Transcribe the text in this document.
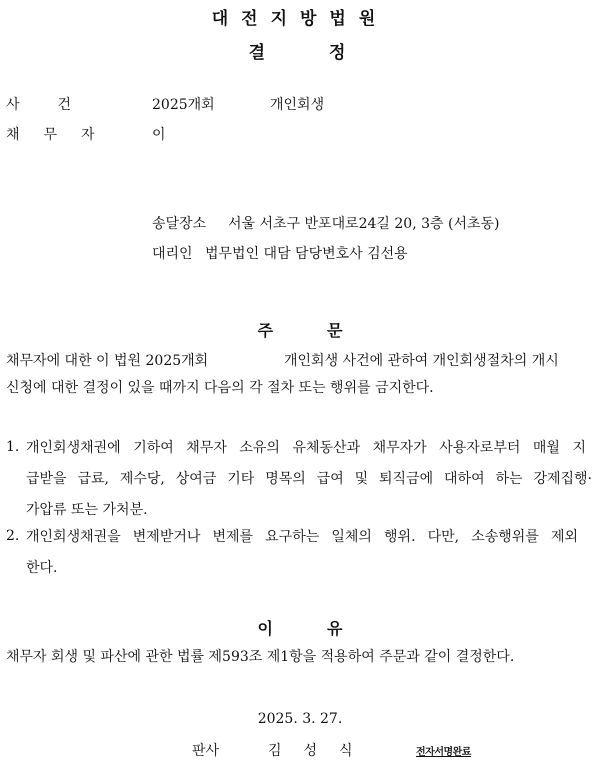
대전지방법원
결정
사건	2025개회	개인회생
채무자 이
송달장소 서울 서초구 반포대로24길 20, 3층 (서초동)
대리인 법무법인 대담 담당변호사 김선용
주문
채무자에 대한 이 법원 2025개회	개인회생 사건에 관하여 개인회생절차의 개시
신청에 대한 결정이 있을 때까지 다음의 각 절차 또는 행위를 금지한다.
1. 개인회생채권에 기하여 채무자 소유의 유체동산과 채무자가 사용자로부터 매월 지
급받을 급료, 제수당, 상여금 기타 명목의 급여 및 퇴직금에 대하여 하는 강제집행·
가압류 또는 가처분.
2. 개인회생채권을 변제받거나 변제를 요구하는 일체의 행위. 다만, 소송행위를 제외
한다.
이유
채무자 회생 및 파산에 관한 법률 제593조 제1항을 적용하여 주문과 같이 결정한다.
2025. 3. 27.
판사	김성식	전자서명완료
